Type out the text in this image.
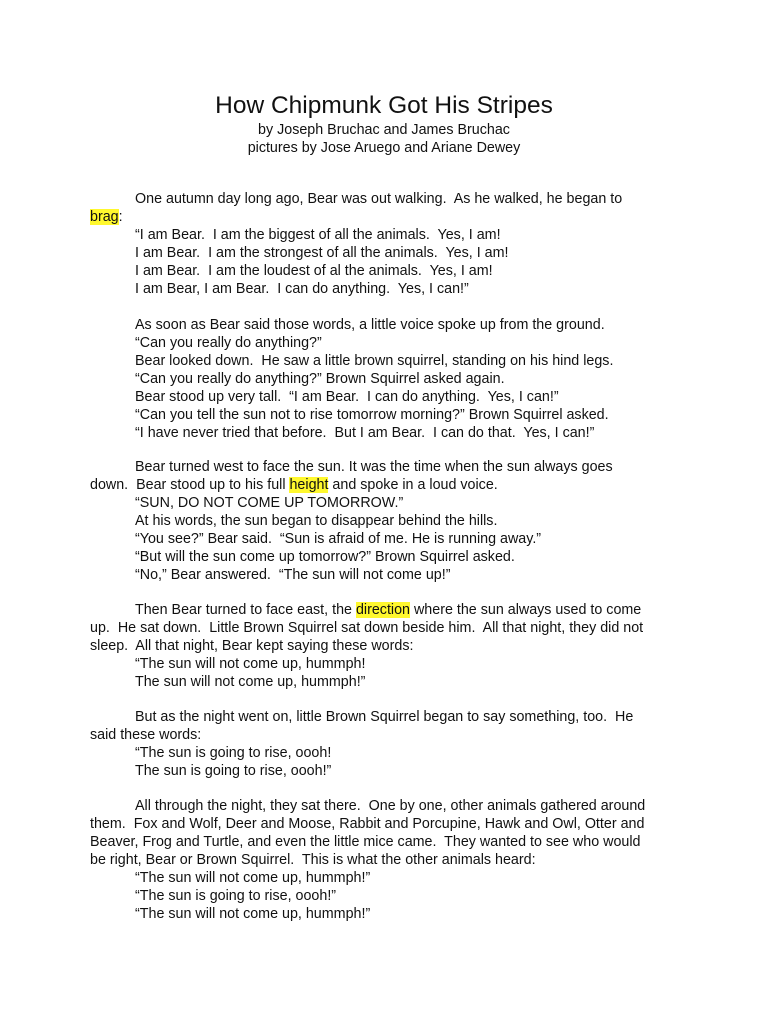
How Chipmunk Got His Stripes
by Joseph Bruchac and James Bruchac
pictures by Jose Aruego and Ariane Dewey
One autumn day long ago, Bear was out walking.  As he walked, he began to
brag:
“I am Bear.  I am the biggest of all the animals.  Yes, I am!
I am Bear.  I am the strongest of all the animals.  Yes, I am!
I am Bear.  I am the loudest of al the animals.  Yes, I am!
I am Bear, I am Bear.  I can do anything.  Yes, I can!”
As soon as Bear said those words, a little voice spoke up from the ground.
“Can you really do anything?”
Bear looked down.  He saw a little brown squirrel, standing on his hind legs.
“Can you really do anything?” Brown Squirrel asked again.
Bear stood up very tall.  “I am Bear.  I can do anything.  Yes, I can!”
“Can you tell the sun not to rise tomorrow morning?” Brown Squirrel asked.
“I have never tried that before.  But I am Bear.  I can do that.  Yes, I can!”
Bear turned west to face the sun. It was the time when the sun always goes
down.  Bear stood up to his full height and spoke in a loud voice.
“SUN, DO NOT COME UP TOMORROW.”
At his words, the sun began to disappear behind the hills.
“You see?” Bear said.  “Sun is afraid of me. He is running away.”
“But will the sun come up tomorrow?” Brown Squirrel asked.
“No,” Bear answered.  “The sun will not come up!”
Then Bear turned to face east, the direction where the sun always used to come
up.  He sat down.  Little Brown Squirrel sat down beside him.  All that night, they did not
sleep.  All that night, Bear kept saying these words:
“The sun will not come up, hummph!
The sun will not come up, hummph!”
But as the night went on, little Brown Squirrel began to say something, too.  He
said these words:
“The sun is going to rise, oooh!
The sun is going to rise, oooh!”
All through the night, they sat there.  One by one, other animals gathered around
them.  Fox and Wolf, Deer and Moose, Rabbit and Porcupine, Hawk and Owl, Otter and
Beaver, Frog and Turtle, and even the little mice came.  They wanted to see who would
be right, Bear or Brown Squirrel.  This is what the other animals heard:
“The sun will not come up, hummph!”
“The sun is going to rise, oooh!”
“The sun will not come up, hummph!”
